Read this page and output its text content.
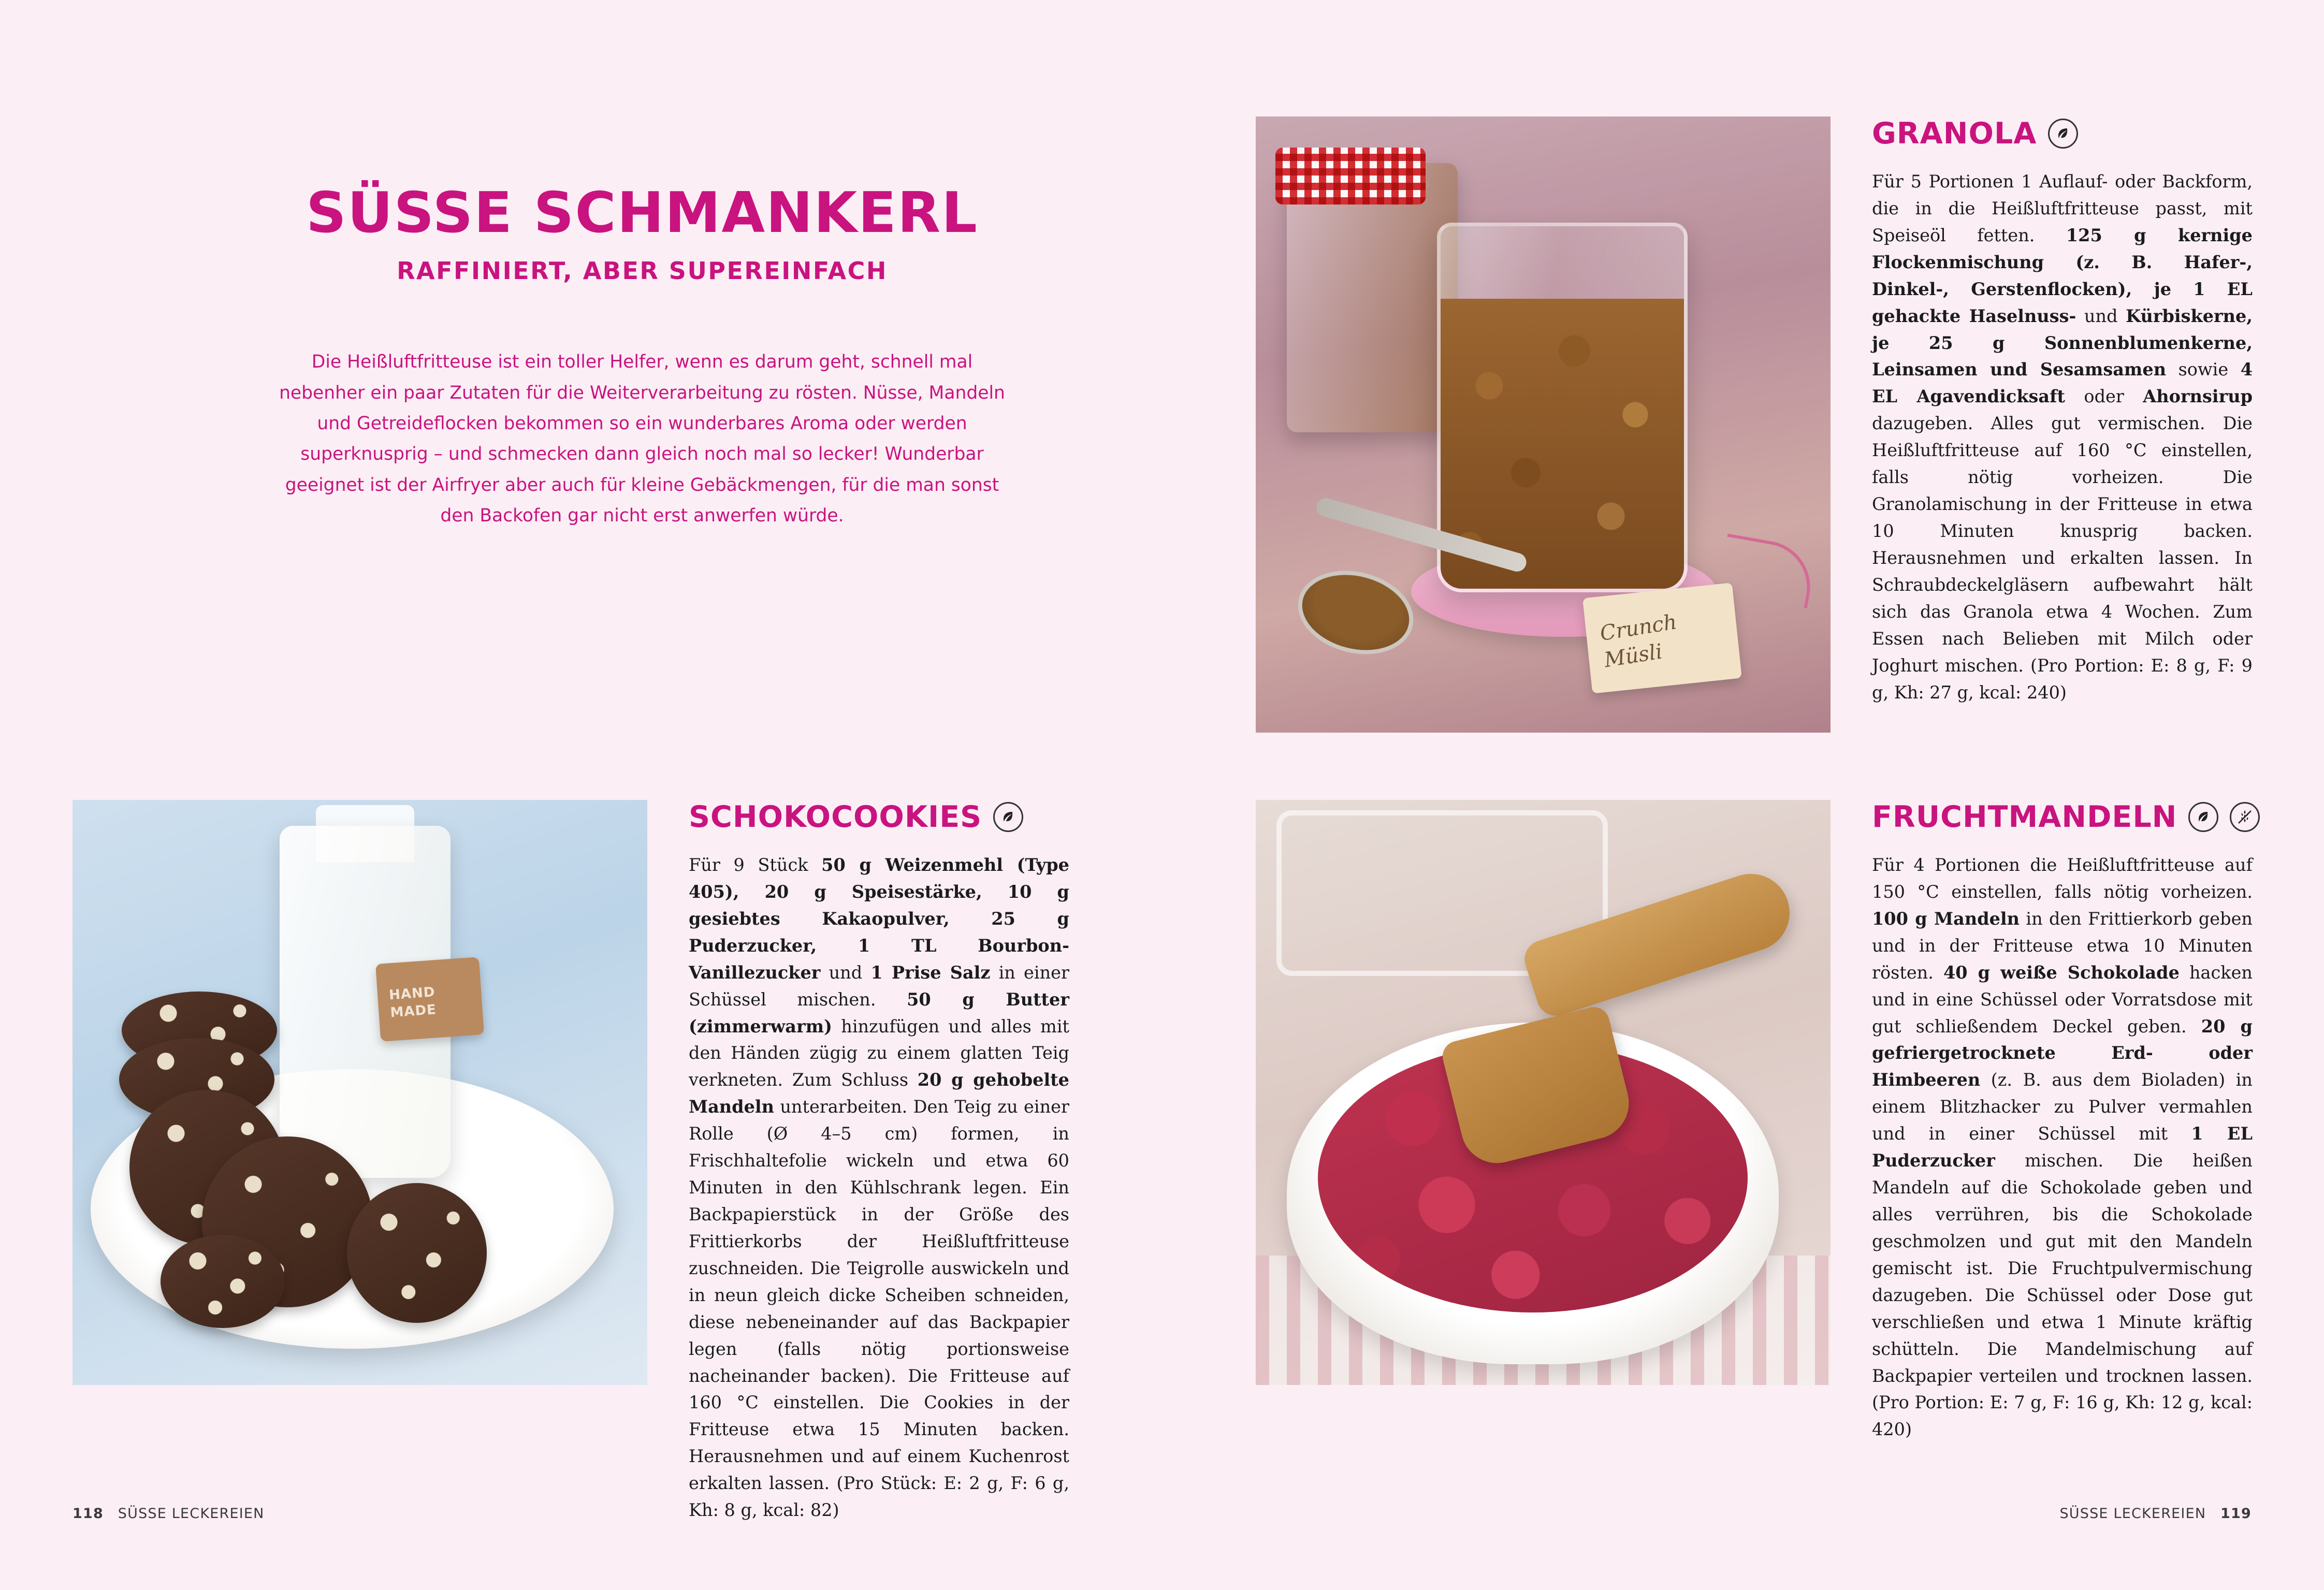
SÜSSE SCHMANKERL

RAFFINIERT, ABER SUPEREINFACH

Die Heißluftfritteuse ist ein toller Helfer, wenn es darum geht, schnell mal nebenher ein paar Zutaten für die Weiterverarbeitung zu rösten. Nüsse, Mandeln und Getreideflocken bekommen so ein wunderbares Aroma oder werden superknusprig – und schmecken dann gleich noch mal so lecker! Wunderbar geeignet ist der Airfryer aber auch für kleine Gebäckmengen, für die man sonst den Backofen gar nicht erst anwerfen würde.

Crunch
Müsli
GRANOLA
Für 5 Portionen 1 Auflauf- oder Backform, die in die Heißluftfritteuse passt, mit Speiseöl fetten. 125 g kernige Flockenmischung (z. B. Hafer-, Dinkel-, Gerstenflocken), je 1 EL gehackte Haselnuss- und Kürbiskerne, je 25 g Sonnenblumenkerne, Leinsamen und Sesamsamen sowie 4 EL Agavendicksaft oder Ahornsirup dazugeben. Alles gut vermischen. Die Heißluftfritteuse auf 160 °C einstellen, falls nötig vorheizen. Die Granolamischung in der Fritteuse in etwa 10 Minuten knusprig backen. Herausnehmen und erkalten lassen. In Schraubdeckelgläsern aufbewahrt hält sich das Granola etwa 4 Wochen. Zum Essen nach Belieben mit Milch oder Joghurt mischen. (Pro Portion: E: 8 g, F: 9 g, Kh: 27 g, kcal: 240)
HAND
MADE
SCHOKOCOOKIES
Für 9 Stück 50 g Weizenmehl (Type 405), 20 g Speisestärke, 10 g gesiebtes Kakaopulver, 25 g Puderzucker, 1 TL Bourbon-Vanillezucker und 1 Prise Salz in einer Schüssel mischen. 50 g Butter (zimmerwarm) hinzufügen und alles mit den Händen zügig zu einem glatten Teig verkneten. Zum Schluss 20 g gehobelte Mandeln unterarbeiten. Den Teig zu einer Rolle (Ø 4–5 cm) formen, in Frischhaltefolie wickeln und etwa 60 Minuten in den Kühlschrank legen. Ein Backpapierstück in der Größe des Frittierkorbs der Heißluftfritteuse zuschneiden. Die Teigrolle auswickeln und in neun gleich dicke Scheiben schneiden, diese nebeneinander auf das Backpapier legen (falls nötig portionsweise nacheinander backen). Die Fritteuse auf 160 °C einstellen. Die Cookies in der Fritteuse etwa 15 Minuten backen. Herausnehmen und auf einem Kuchenrost erkalten lassen. (Pro Stück: E: 2 g, F: 6 g, Kh: 8 g, kcal: 82)
FRUCHTMANDELN
Für 4 Portionen die Heißluftfritteuse auf 150 °C einstellen, falls nötig vorheizen. 100 g Mandeln in den Frittierkorb geben und in der Fritteuse etwa 10 Minuten rösten. 40 g weiße Schokolade hacken und in eine Schüssel oder Vorratsdose mit gut schließendem Deckel geben. 20 g gefriergetrocknete Erd- oder Himbeeren (z. B. aus dem Bioladen) in einem Blitzhacker zu Pulver vermahlen und in einer Schüssel mit 1 EL Puderzucker mischen. Die heißen Mandeln auf die Schokolade geben und alles verrühren, bis die Schokolade geschmolzen und gut mit den Mandeln gemischt ist. Die Fruchtpulvermischung dazugeben. Die Schüssel oder Dose gut verschließen und etwa 1 Minute kräftig schütteln. Die Mandelmischung auf Backpapier verteilen und trocknen lassen. (Pro Portion: E: 7 g, F: 16 g, Kh: 12 g, kcal: 420)
118 SÜSSE LECKEREIEN	SÜSSE LECKEREIEN 119
